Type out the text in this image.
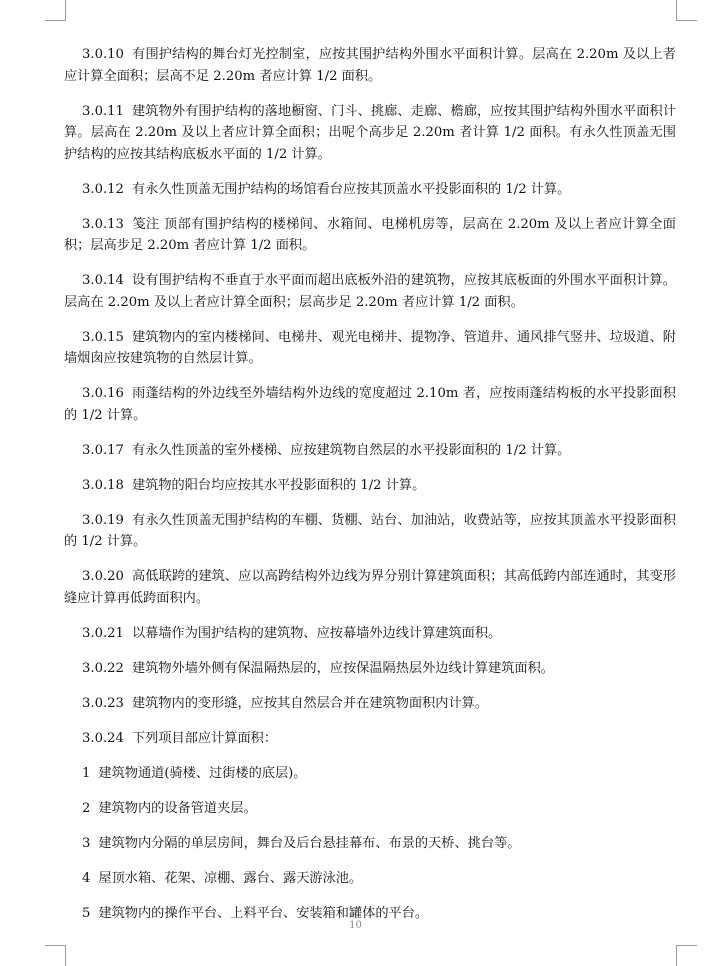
3.0.10 有围护结构的舞台灯光控制室，应按其围护结构外围水平面积计算。层高在 2.20m 及以上者应计算全面积；层高不足 2.20m 者应计算 1/2 面积。

3.0.11 建筑物外有围护结构的落地橱窗、门斗、挑廊、走廊、檐廊，应按其围护结构外围水平面积计算。层高在 2.20m 及以上者应计算全面积；出呢个高步足 2.20m 者计算 1/2 面积。有永久性顶盖无围护结构的应按其结构底板水平面的 1/2 计算。

3.0.12 有永久性顶盖无围护结构的场馆看台应按其顶盖水平投影面积的 1/2 计算。

3.0.13 笺注 顶部有围护结构的楼梯间、水箱间、电梯机房等，层高在 2.20m 及以上者应计算全面积；层高步足 2.20m 者应计算 1/2 面积。

3.0.14 设有围护结构不垂直于水平面而超出底板外沿的建筑物，应按其底板面的外围水平面积计算。层高在 2.20m 及以上者应计算全面积；层高步足 2.20m 者应计算 1/2 面积。

3.0.15 建筑物内的室内楼梯间、电梯井、观光电梯井、提物净、管道井、通风排气竖井、垃圾道、附墙烟囱应按建筑物的自然层计算。

3.0.16 雨蓬结构的外边线至外墙结构外边线的宽度超过 2.10m 者，应按雨蓬结构板的水平投影面积的 1/2 计算。

3.0.17 有永久性顶盖的室外楼梯、应按建筑物自然层的水平投影面积的 1/2 计算。

3.0.18 建筑物的阳台均应按其水平投影面积的 1/2 计算。

3.0.19 有永久性顶盖无围护结构的车棚、货棚、站台、加油站，收费站等，应按其顶盖水平投影面积的 1/2 计算。

3.0.20 高低联跨的建筑、应以高跨结构外边线为界分别计算建筑面积；其高低跨内部连通时，其变形缝应计算再低跨面积内。

3.0.21 以幕墙作为围护结构的建筑物、应按幕墙外边线计算建筑面积。

3.0.22 建筑物外墙外侧有保温隔热层的，应按保温隔热层外边线计算建筑面积。

3.0.23 建筑物内的变形缝，应按其自然层合并在建筑物面积内计算。

3.0.24 下列项目部应计算面积：

1 建筑物通道(骑楼、过街楼的底层)。

2 建筑物内的设备管道夹层。

3 建筑物内分隔的单层房间，舞台及后台悬挂幕布、布景的天桥、挑台等。

4 屋顶水箱、花架、凉棚、露台、露天游泳池。

5 建筑物内的操作平台、上料平台、安装箱和罐体的平台。

10
